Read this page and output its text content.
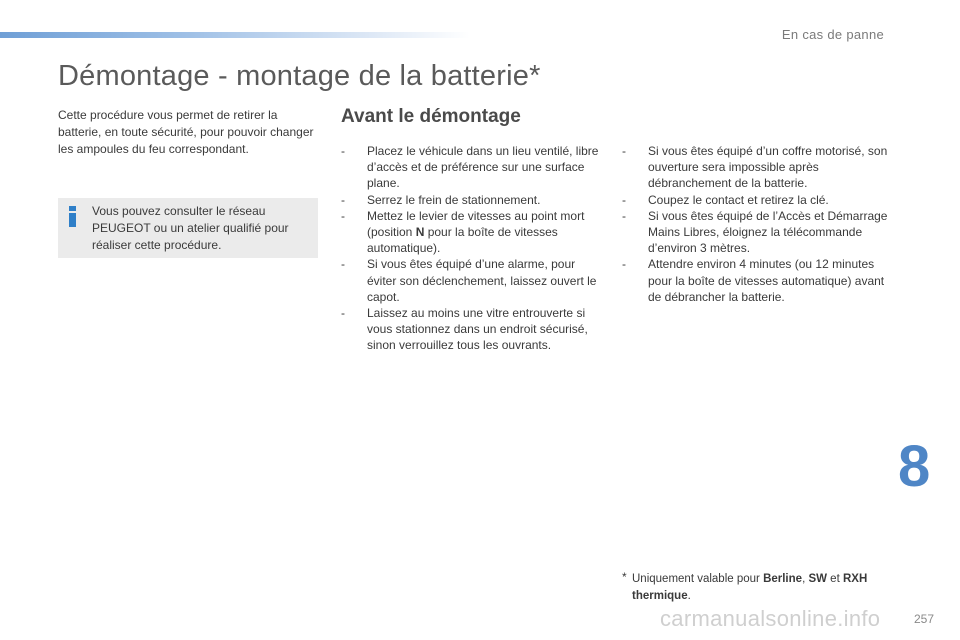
En cas de panne
Démontage - montage de la batterie*

Cette procédure vous permet de retirer la batterie, en toute sécurité, pour pouvoir changer les ampoules du feu correspondant.

Vous pouvez consulter le réseau PEUGEOT ou un atelier qualifié pour réaliser cette procédure.

Avant le démontage
- Placez le véhicule dans un lieu ventilé, libre d’accès et de préférence sur une surface plane.
- Serrez le frein de stationnement.
- Mettez le levier de vitesses au point mort (position N pour la boîte de vitesses automatique).
- Si vous êtes équipé d’une alarme, pour éviter son déclenchement, laissez ouvert le capot.
- Laissez au moins une vitre entrouverte si vous stationnez dans un endroit sécurisé, sinon verrouillez tous les ouvrants.
- Si vous êtes équipé d’un coffre motorisé, son ouverture sera impossible après débranchement de la batterie.
- Coupez le contact et retirez la clé.
- Si vous êtes équipé de l’Accès et Démarrage Mains Libres, éloignez la télécommande d’environ 3 mètres.
- Attendre environ 4 minutes (ou 12 minutes pour la boîte de vitesses automatique) avant de débrancher la batterie.
* Uniquement valable pour Berline, SW et RXH thermique.
8
257
carmanualsonline.info
